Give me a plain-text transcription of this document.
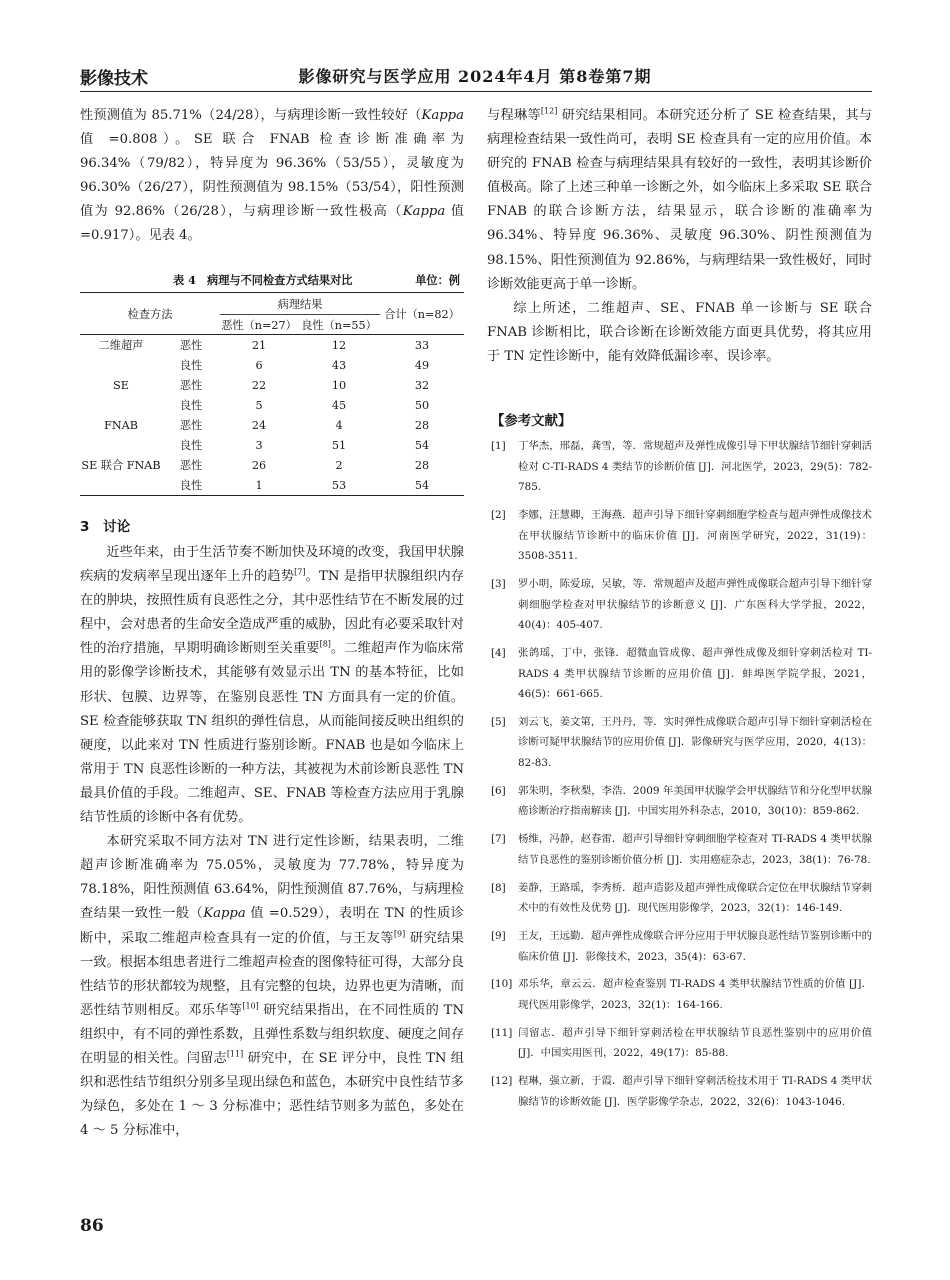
影像技术	影像研究与医学应用 2024年4月 第8卷第7期

性预测值为 85.71%（24/28），与病理诊断一致性较好（Kappa 值 =0.808）。SE 联合 FNAB 检查诊断准确率为 96.34%（79/82），特异度为 96.36%（53/55），灵敏度为 96.30%（26/27），阴性预测值为 98.15%（53/54），阳性预测值为 92.86%（26/28），与病理诊断一致性极高（Kappa 值 =0.917）。见表 4。

表 4　病理与不同检查方式结果对比	单位：例
检查方法		病理结果		合计（n=82）
		恶性（n=27）	良性（n=55）	
二维超声	恶性	21	12	33
	良性	6	43	49
SE	恶性	22	10	32
	良性	5	45	50
FNAB	恶性	24	4	28
	良性	3	51	54
SE 联合 FNAB	恶性	26	2	28
	良性	1	53	54
3　讨论

近些年来，由于生活节奏不断加快及环境的改变，我国甲状腺疾病的发病率呈现出逐年上升的趋势[7]。TN 是指甲状腺组织内存在的肿块，按照性质有良恶性之分，其中恶性结节在不断发展的过程中，会对患者的生命安全造成严重的威胁，因此有必要采取针对性的治疗措施，早期明确诊断则至关重要[8]。二维超声作为临床常用的影像学诊断技术，其能够有效显示出 TN 的基本特征，比如形状、包膜、边界等，在鉴别良恶性 TN 方面具有一定的价值。SE 检查能够获取 TN 组织的弹性信息，从而能间接反映出组织的硬度，以此来对 TN 性质进行鉴别诊断。FNAB 也是如今临床上常用于 TN 良恶性诊断的一种方法，其被视为术前诊断良恶性 TN 最具价值的手段。二维超声、SE、FNAB 等检查方法应用于乳腺结节性质的诊断中各有优势。

本研究采取不同方法对 TN 进行定性诊断，结果表明，二维超声诊断准确率为 75.05%，灵敏度为 77.78%，特异度为 78.18%，阳性预测值 63.64%，阴性预测值 87.76%，与病理检查结果一致性一般（Kappa 值 =0.529），表明在 TN 的性质诊断中，采取二维超声检查具有一定的价值，与王友等[9] 研究结果一致。根据本组患者进行二维超声检查的图像特征可得，大部分良性结节的形状都较为规整，且有完整的包块，边界也更为清晰，而恶性结节则相反。邓乐华等[10] 研究结果指出，在不同性质的 TN 组织中，有不同的弹性系数，且弹性系数与组织软度、硬度之间存在明显的相关性。闫留志[11] 研究中，在 SE 评分中，良性 TN 组织和恶性结节组织分别多呈现出绿色和蓝色，本研究中良性结节多为绿色，多处在 1 ～ 3 分标准中；恶性结节则多为蓝色，多处在 4 ～ 5 分标准中，

与程琳等[12] 研究结果相同。本研究还分析了 SE 检查结果，其与病理检查结果一致性尚可，表明 SE 检查具有一定的应用价值。本研究的 FNAB 检查与病理结果具有较好的一致性，表明其诊断价值极高。除了上述三种单一诊断之外，如今临床上多采取 SE 联合 FNAB 的联合诊断方法，结果显示，联合诊断的准确率为 96.34%、特异度 96.36%、灵敏度 96.30%、阴性预测值为 98.15%、阳性预测值为 92.86%，与病理结果一致性极好，同时诊断效能更高于单一诊断。

综上所述，二维超声、SE、FNAB 单一诊断与 SE 联合 FNAB 诊断相比，联合诊断在诊断效能方面更具优势，将其应用于 TN 定性诊断中，能有效降低漏诊率、误诊率。

【参考文献】
[1] 丁华杰，邢磊，龚雪，等．常规超声及弹性成像引导下甲状腺结节细针穿刺活检对 C-TI-RADS 4 类结节的诊断价值 [J]．河北医学，2023，29(5)：782-785.
[2] 李娜，汪慧卿，王海燕．超声引导下细针穿刺细胞学检查与超声弹性成像技术在甲状腺结节诊断中的临床价值 [J]．河南医学研究，2022，31(19)：3508-3511.
[3] 罗小明，陈爱琼，吴敏，等．常规超声及超声弹性成像联合超声引导下细针穿刺细胞学检查对甲状腺结节的诊断意义 [J]．广东医科大学学报，2022，40(4)：405-407.
[4] 张鸽瑶，丁中，张锋．超微血管成像、超声弹性成像及细针穿刺活检对 TI-RADS 4 类甲状腺结节诊断的应用价值 [J]．蚌埠医学院学报，2021，46(5)：661-665.
[5] 刘云飞，姜文第，王丹丹，等．实时弹性成像联合超声引导下细针穿刺活检在诊断可疑甲状腺结节的应用价值 [J]．影像研究与医学应用，2020，4(13)：82-83.
[6] 郭朱明，李秋梨，李浩．2009 年美国甲状腺学会甲状腺结节和分化型甲状腺癌诊断治疗指南解读 [J]．中国实用外科杂志，2010，30(10)：859-862.
[7] 杨维，冯静，赵春雷．超声引导细针穿刺细胞学检查对 TI-RADS 4 类甲状腺结节良恶性的鉴别诊断价值分析 [J]．实用癌症杂志，2023，38(1)：76-78.
[8] 姜静，王路瑶，李秀桥．超声造影及超声弹性成像联合定位在甲状腺结节穿刺术中的有效性及优势 [J]．现代医用影像学，2023，32(1)：146-149.
[9] 王友，王远勤．超声弹性成像联合评分应用于甲状腺良恶性结节鉴别诊断中的临床价值 [J]．影像技术，2023，35(4)：63-67.
[10] 邓乐华，章云云．超声检查鉴别 TI-RADS 4 类甲状腺结节性质的价值 [J]．现代医用影像学，2023，32(1)：164-166.
[11] 闫留志．超声引导下细针穿刺活检在甲状腺结节良恶性鉴别中的应用价值 [J]．中国实用医刊，2022，49(17)：85-88.
[12] 程琳，强立新，于霞．超声引导下细针穿刺活检技术用于 TI-RADS 4 类甲状腺结节的诊断效能 [J]．医学影像学杂志，2022，32(6)：1043-1046.
86
